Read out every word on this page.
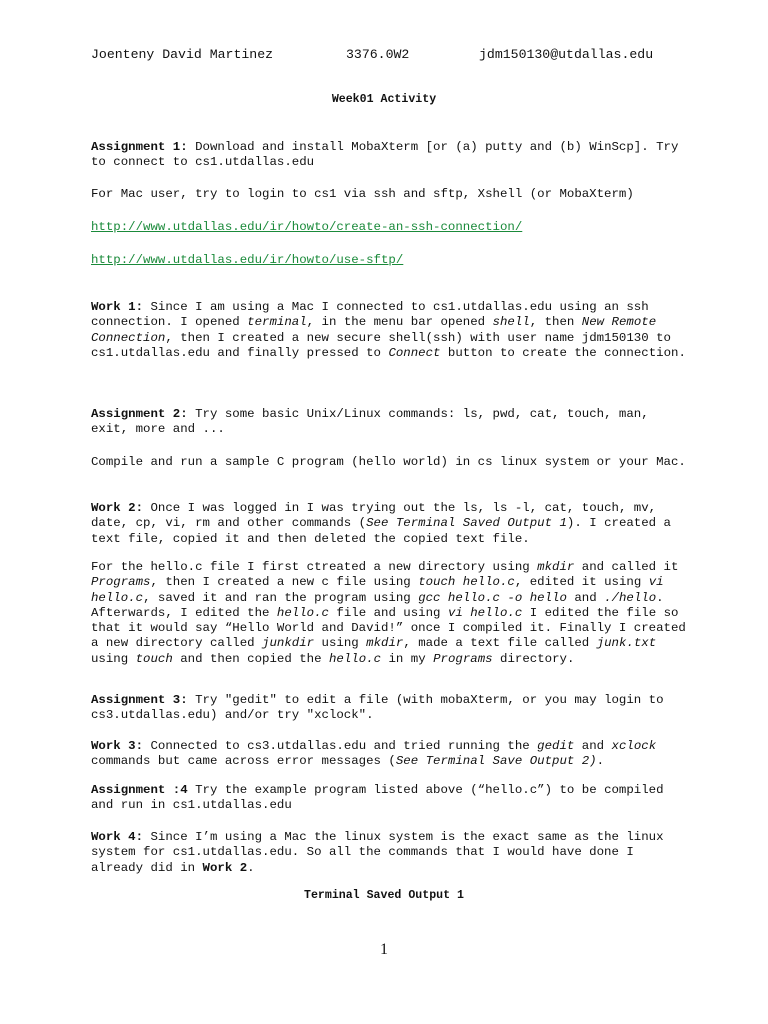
Joenteny David Martinez

	3376.0W2

	jdm150130@utdallas.edu

Week01 Activity

Assignment 1: Download and install MobaXterm [or (a) putty and (b) WinScp]. Try to connect to cs1.utdallas.edu

For Mac user, try to login to cs1 via ssh and sftp, Xshell (or MobaXterm)

http://www.utdallas.edu/ir/howto/create-an-ssh-connection/

http://www.utdallas.edu/ir/howto/use-sftp/

Work 1: Since I am using a Mac I connected to cs1.utdallas.edu using an ssh connection. I opened terminal, in the menu bar opened shell, then New Remote Connection, then I created a new secure shell(ssh) with user name jdm150130 to cs1.utdallas.edu and finally pressed to Connect button to create the connection.

Assignment 2: Try some basic Unix/Linux commands: ls, pwd, cat, touch, man, exit, more and ...

Compile and run a sample C program (hello world) in cs linux system or your Mac.

Work 2: Once I was logged in I was trying out the ls, ls -l, cat, touch, mv, date, cp, vi, rm and other commands (See Terminal Saved Output 1). I created a text file, copied it and then deleted the copied text file.

For the hello.c file I first ctreated a new directory using mkdir and called it Programs, then I created a new c file using touch hello.c, edited it using vi hello.c, saved it and ran the program using gcc hello.c -o hello and ./hello. Afterwards, I edited the hello.c file and using vi hello.c I edited the file so that it would say “Hello World and David!” once I compiled it. Finally I created a new directory called junkdir using mkdir, made a text file called junk.txt using touch and then copied the hello.c in my Programs directory.

Assignment 3: Try "gedit" to edit a file (with mobaXterm, or you may login to cs3.utdallas.edu) and/or try "xclock".

Work 3: Connected to cs3.utdallas.edu and tried running the gedit and xclock commands but came across error messages (See Terminal Save Output 2).

Assignment :4 Try the example program listed above (“hello.c”) to be compiled and run in cs1.utdallas.edu

Work 4: Since I’m using a Mac the linux system is the exact same as the linux system for cs1.utdallas.edu. So all the commands that I would have done I already did in Work 2.

Terminal Saved Output 1
1
